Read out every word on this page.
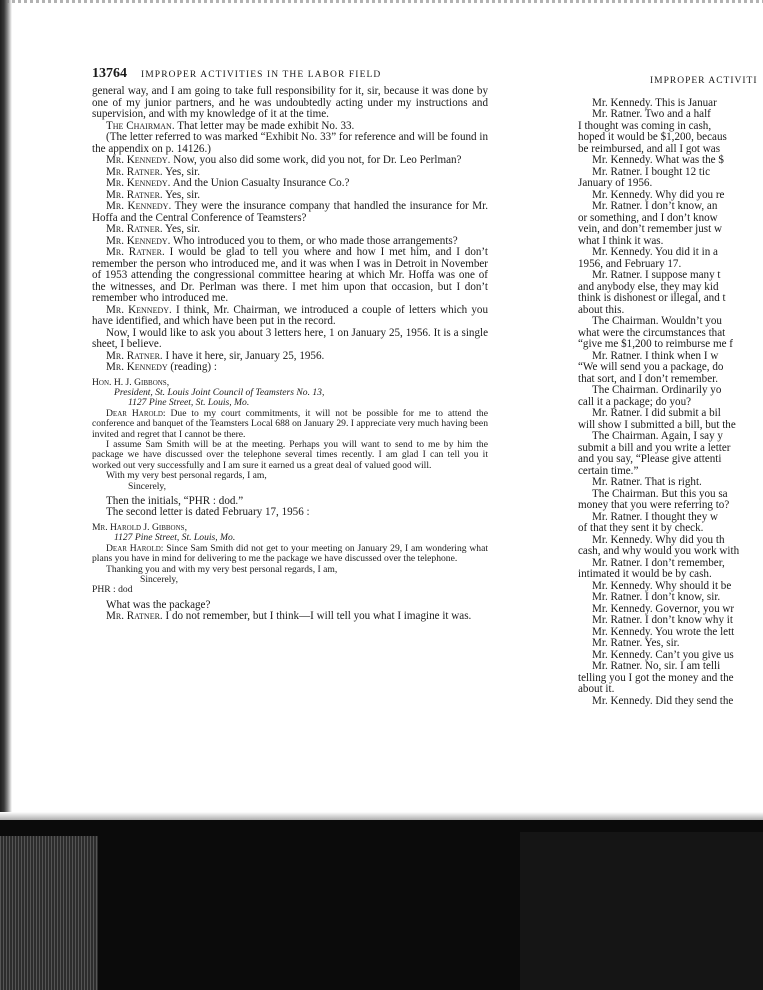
13764 IMPROPER ACTIVITIES IN THE LABOR FIELD

general way, and I am going to take full responsibility for it, sir, because it was done by one of my junior partners, and he was undoubtedly acting under my instructions and supervision, and with my knowledge of it at the time.

The Chairman. That letter may be made exhibit No. 33.

(The letter referred to was marked “Exhibit No. 33” for reference and will be found in the appendix on p. 14126.)

Mr. Kennedy. Now, you also did some work, did you not, for Dr. Leo Perlman?

Mr. Ratner. Yes, sir.

Mr. Kennedy. And the Union Casualty Insurance Co.?

Mr. Ratner. Yes, sir.

Mr. Kennedy. They were the insurance company that handled the insurance for Mr. Hoffa and the Central Conference of Teamsters?

Mr. Ratner. Yes, sir.

Mr. Kennedy. Who introduced you to them, or who made those arrangements?

Mr. Ratner. I would be glad to tell you where and how I met him, and I don’t remember the person who introduced me, and it was when I was in Detroit in November of 1953 attending the congressional committee hearing at which Mr. Hoffa was one of the witnesses, and Dr. Perlman was there. I met him upon that occasion, but I don’t remember who introduced me.

Mr. Kennedy. I think, Mr. Chairman, we introduced a couple of letters which you have identified, and which have been put in the record.

Now, I would like to ask you about 3 letters here, 1 on January 25, 1956. It is a single sheet, I believe.

Mr. Ratner. I have it here, sir, January 25, 1956.

Mr. Kennedy (reading) :

Hon. H. J. Gibbons,

President, St. Louis Joint Council of Teamsters No. 13,

1127 Pine Street, St. Louis, Mo.

Dear Harold: Due to my court commitments, it will not be possible for me to attend the conference and banquet of the Teamsters Local 688 on January 29. I appreciate very much having been invited and regret that I cannot be there.

I assume Sam Smith will be at the meeting. Perhaps you will want to send to me by him the package we have discussed over the telephone several times recently. I am glad I can tell you it worked out very successfully and I am sure it earned us a great deal of valued good will.

With my very best personal regards, I am,

Sincerely,

Then the initials, “PHR : dod.”

The second letter is dated February 17, 1956 :

Mr. Harold J. Gibbons,

1127 Pine Street, St. Louis, Mo.

Dear Harold: Since Sam Smith did not get to your meeting on January 29, I am wondering what plans you have in mind for delivering to me the package we have discussed over the telephone.

Thanking you and with my very best personal regards, I am,

Sincerely,

PHR : dod

What was the package?

Mr. Ratner. I do not remember, but I think—I will tell you what I imagine it was.

IMPROPER ACTIVITI

Mr. Kennedy. This is Januar

Mr. Ratner. Two and a half

I thought was coming in cash,

hoped it would be $1,200, becaus

be reimbursed, and all I got was

Mr. Kennedy. What was the $

Mr. Ratner. I bought 12 tic

January of 1956.

Mr. Kennedy. Why did you re

Mr. Ratner. I don’t know, an

or something, and I don’t know

vein, and don’t remember just w

what I think it was.

Mr. Kennedy. You did it in a

1956, and February 17.

Mr. Ratner. I suppose many t

and anybody else, they may kid

think is dishonest or illegal, and t

about this.

The Chairman. Wouldn’t you

what were the circumstances that

“give me $1,200 to reimburse me f

Mr. Ratner. I think when I w

“We will send you a package, do

that sort, and I don’t remember.

The Chairman. Ordinarily yo

call it a package; do you?

Mr. Ratner. I did submit a bil

will show I submitted a bill, but the

The Chairman. Again, I say y

submit a bill and you write a letter

and you say, “Please give attenti

certain time.”

Mr. Ratner. That is right.

The Chairman. But this you sa

money that you were referring to?

Mr. Ratner. I thought they w

of that they sent it by check.

Mr. Kennedy. Why did you th

cash, and why would you work with

Mr. Ratner. I don’t remember,

intimated it would be by cash.

Mr. Kennedy. Why should it be

Mr. Ratner. I don’t know, sir.

Mr. Kennedy. Governor, you wr

Mr. Ratner. I don’t know why it

Mr. Kennedy. You wrote the lett

Mr. Ratner. Yes, sir.

Mr. Kennedy. Can’t you give us

Mr. Ratner. No, sir. I am telli

telling you I got the money and the

about it.

Mr. Kennedy. Did they send the
